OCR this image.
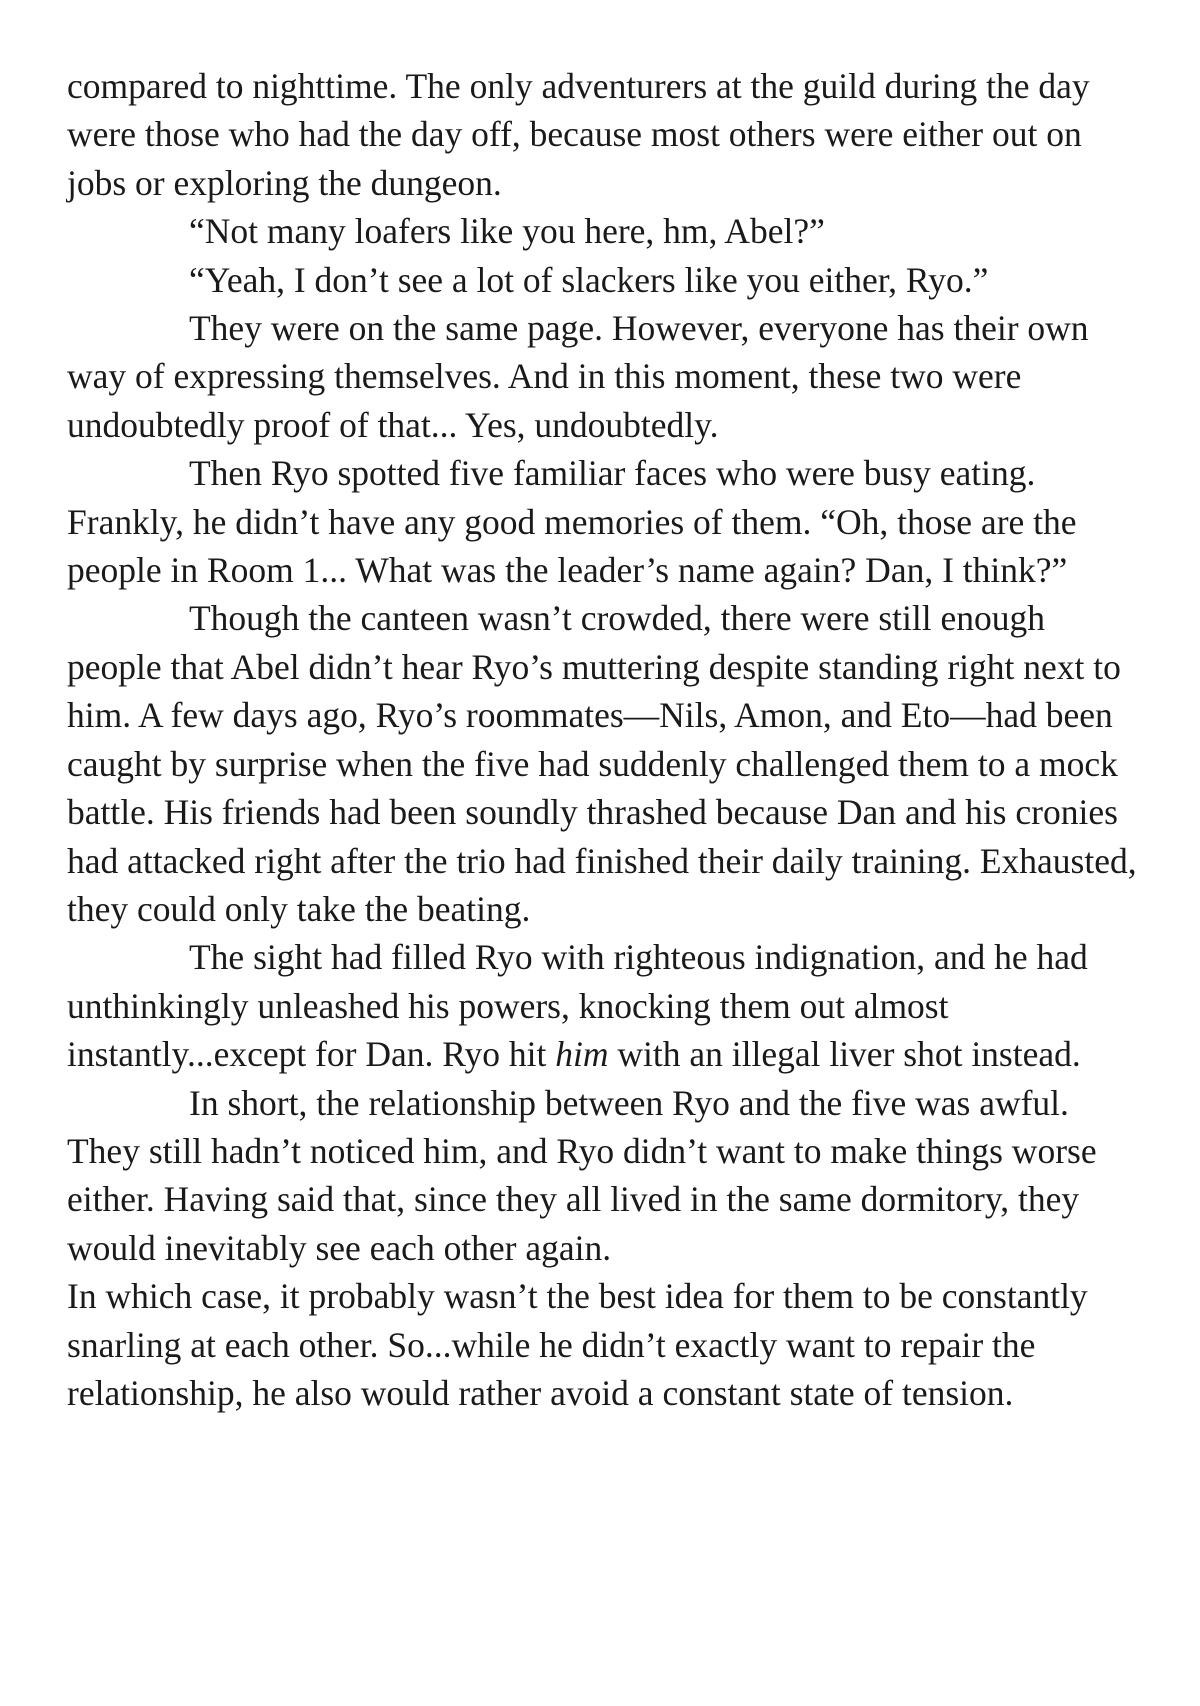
compared to nighttime. The only adventurers at the guild during the day were those who had the day off, because most others were either out on jobs or exploring the dungeon.

“Not many loafers like you here, hm, Abel?”

“Yeah, I don’t see a lot of slackers like you either, Ryo.”

They were on the same page. However, everyone has their own way of expressing themselves. And in this moment, these two were undoubtedly proof of that... Yes, undoubtedly.

Then Ryo spotted five familiar faces who were busy eating. Frankly, he didn’t have any good memories of them. “Oh, those are the people in Room 1... What was the leader’s name again? Dan, I think?”

Though the canteen wasn’t crowded, there were still enough people that Abel didn’t hear Ryo’s muttering despite standing right next to him. A few days ago, Ryo’s roommates—Nils, Amon, and Eto—had been caught by surprise when the five had suddenly challenged them to a mock battle. His friends had been soundly thrashed because Dan and his cronies had attacked right after the trio had finished their daily training. Exhausted, they could only take the beating.

The sight had filled Ryo with righteous indignation, and he had unthinkingly unleashed his powers, knocking them out almost instantly...except for Dan. Ryo hit him with an illegal liver shot instead.

In short, the relationship between Ryo and the five was awful. They still hadn’t noticed him, and Ryo didn’t want to make things worse either. Having said that, since they all lived in the same dormitory, they would inevitably see each other again.

In which case, it probably wasn’t the best idea for them to be constantly snarling at each other. So...while he didn’t exactly want to repair the relationship, he also would rather avoid a constant state of tension.
